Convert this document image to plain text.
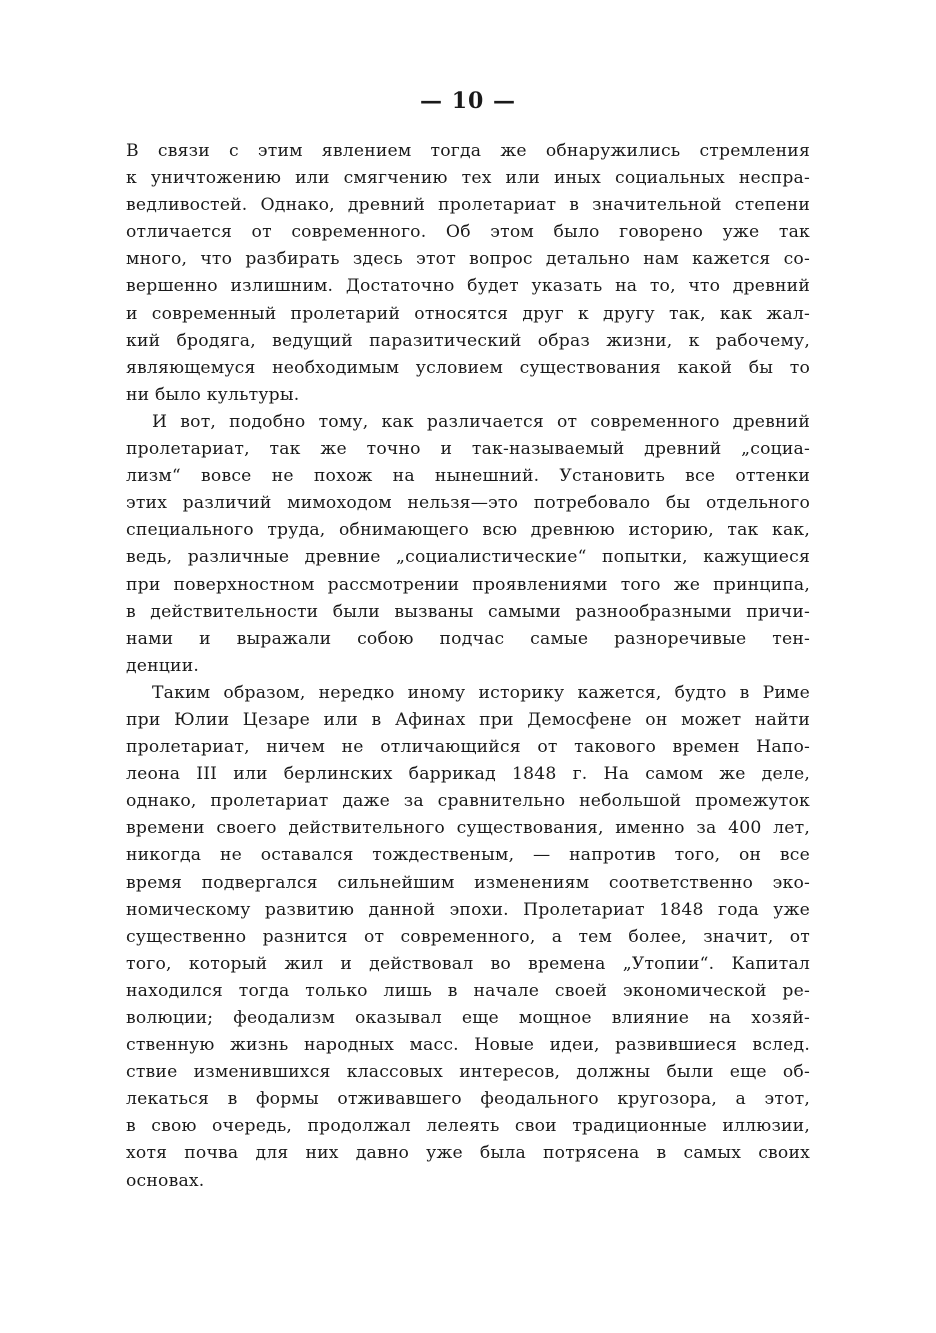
— 10 —
В связи с этим явлением тогда же обнаружились стремления
к уничтожению или смягчению тех или иных социальных неспра-
ведливостей. Однако, древний пролетариат в значительной степени
отличается от современного. Об этом было говорено уже так
много, что разбирать здесь этот вопрос детально нам кажется со-
вершенно излишним. Достаточно будет указать на то, что древний
и современный пролетарий относятся друг к другу так, как жал-
кий бродяга, ведущий паразитический образ жизни, к рабочему,
являющемуся необходимым условием существования какой бы то
ни было культуры.
И вот, подобно тому, как различается от современного древний
пролетариат, так же точно и так-называемый древний „социа-
лизм“ вовсе не похож на нынешний. Установить все оттенки
этих различий мимоходом нельзя—это потребовало бы отдельного
специального труда, обнимающего всю древнюю историю, так как,
ведь, различные древние „социалистические“ попытки, кажущиеся
при поверхностном рассмотрении проявлениями того же принципа,
в действительности были вызваны самыми разнообразными причи-
нами и выражали собою подчас самые разноречивые тен-
денции.
Таким образом, нередко иному историку кажется, будто в Риме
при Юлии Цезаре или в Афинах при Демосфене он может найти
пролетариат, ничем не отличающийся от такового времен Напо-
леона III или берлинских баррикад 1848 г. На самом же деле,
однако, пролетариат даже за сравнительно небольшой промежуток
времени своего действительного существования, именно за 400 лет,
никогда не оставался тождественым, — напротив того, он все
время подвергался сильнейшим изменениям соответственно эко-
номическому развитию данной эпохи. Пролетариат 1848 года уже
существенно разнится от современного, а тем более, значит, от
того, который жил и действовал во времена „Утопии“. Капитал
находился тогда только лишь в начале своей экономической ре-
волюции; феодализм оказывал еще мощное влияние на хозяй-
ственную жизнь народных масс. Новые идеи, развившиеся вслед.
ствие изменившихся классовых интересов, должны были еще об-
лекаться в формы отживавшего феодального кругозора, а этот,
в свою очередь, продолжал лелеять свои традиционные иллюзии,
хотя почва для них давно уже была потрясена в самых своих
основах.
